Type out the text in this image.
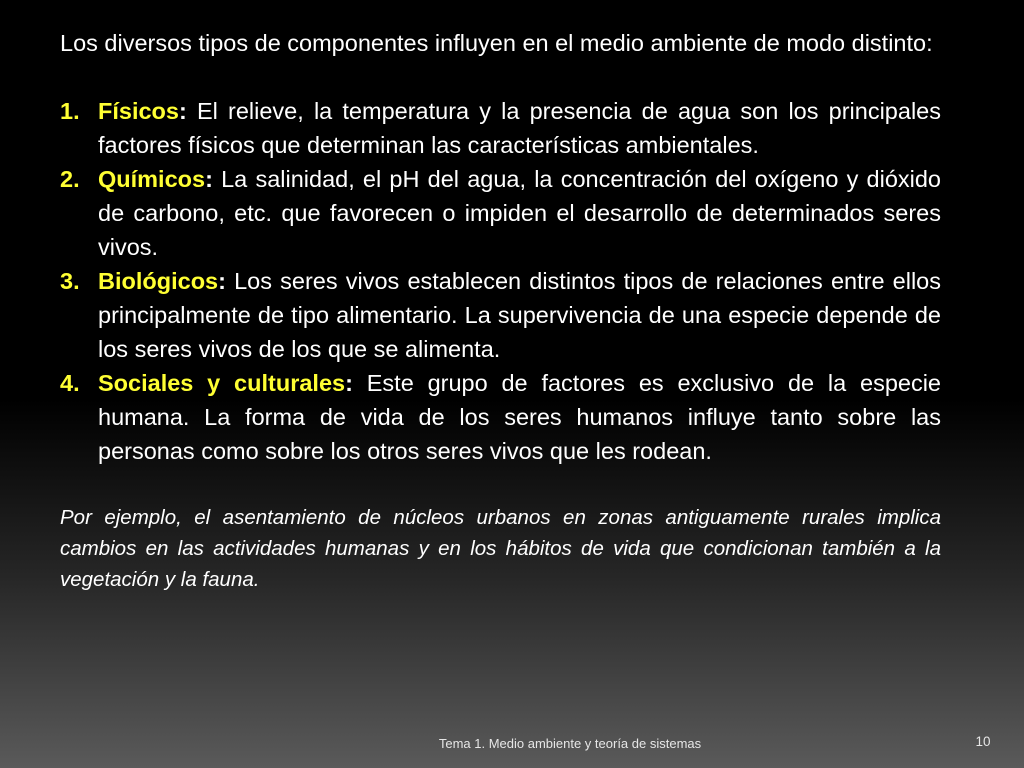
Los diversos tipos de componentes influyen en el medio ambiente de modo distinto:

1. Físicos: El relieve, la temperatura y la presencia de agua son los principales factores físicos que determinan las características ambientales.
2. Químicos: La salinidad, el pH del agua, la concentración del oxígeno y dióxido de carbono, etc. que favorecen o impiden el desarrollo de determinados seres vivos.
3. Biológicos: Los seres vivos establecen distintos tipos de relaciones entre ellos principalmente de tipo alimentario. La supervivencia de una especie depende de los seres vivos de los que se alimenta.
4. Sociales y culturales: Este grupo de factores es exclusivo de la especie humana. La forma de vida de los seres humanos influye tanto sobre las personas como sobre los otros seres vivos que les rodean.

Por ejemplo, el asentamiento de núcleos urbanos en zonas antiguamente rurales implica cambios en las actividades humanas y en los hábitos de vida que condicionan también a la vegetación y la fauna.

Tema 1. Medio ambiente y teoría de sistemas	10
